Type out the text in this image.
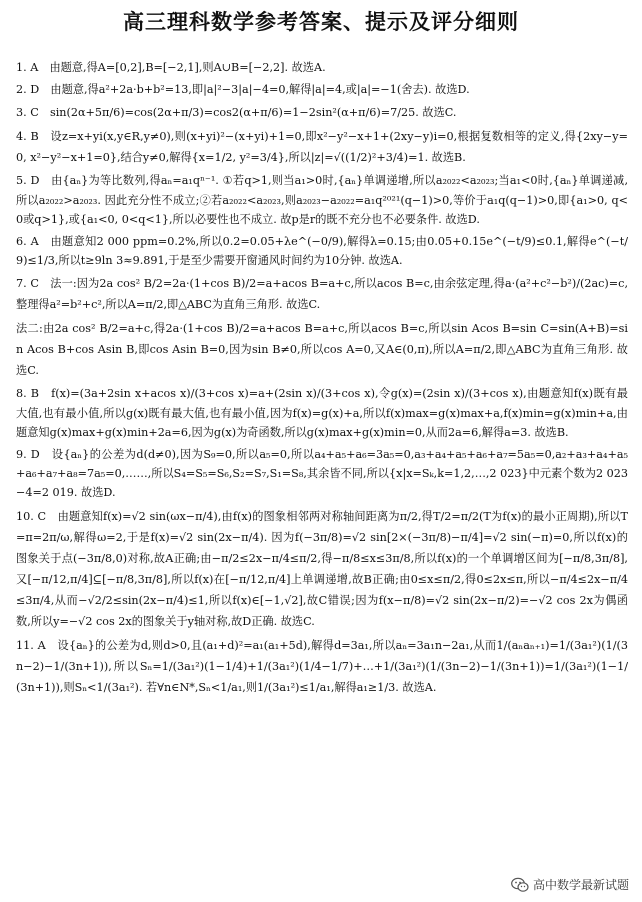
高三理科数学参考答案、提示及评分细则

1. A　由题意,得A=[0,2],B=[−2,1],则A∪B=[−2,2]. 故选A.

2. D　由题意,得a²+2a·b+b²=13,即|a|²−3|a|−4=0,解得|a|=4,或|a|=−1(舍去). 故选D.

3. C　sin(2α+5π/6)=cos(2α+π/3)=cos2(α+π/6)=1−2sin²(α+π/6)=7/25. 故选C.

4. B　设z=x+yi(x,y∈R,y≠0),则(x+yi)²−(x+yi)+1=0,即x²−y²−x+1+(2xy−y)i=0,根据复数相等的定义,得{2xy−y=0, x²−y²−x+1=0},结合y≠0,解得{x=1/2, y²=3/4},所以|z|=√((1/2)²+3/4)=1. 故选B.

5. D　由{aₙ}为等比数列,得aₙ=a₁qⁿ⁻¹. ①若q>1,则当a₁>0时,{aₙ}单调递增,所以a₂₀₂₂<a₂₀₂₃;当a₁<0时,{aₙ}单调递减,所以a₂₀₂₂>a₂₀₂₃. 因此充分性不成立;②若a₂₀₂₂<a₂₀₂₃,则a₂₀₂₃−a₂₀₂₂=a₁q²⁰²¹(q−1)>0,等价于a₁q(q−1)>0,即{a₁>0, q<0或q>1},或{a₁<0, 0<q<1},所以必要性也不成立. 故p是r的既不充分也不必要条件. 故选D.

6. A　由题意知2 000 ppm=0.2%,所以0.2=0.05+λe^(−0/9),解得λ=0.15;由0.05+0.15e^(−t/9)≤0.1,解得e^(−t/9)≤1/3,所以t≥9ln 3≈9.891,于是至少需要开窗通风时间约为10分钟. 故选A.

7. C　法一:因为2a cos² B/2=2a·(1+cos B)/2=a+acos B=a+c,所以acos B=c,由余弦定理,得a·(a²+c²−b²)/(2ac)=c,整理得a²=b²+c²,所以A=π/2,即△ABC为直角三角形. 故选C.

法二:由2a cos² B/2=a+c,得2a·(1+cos B)/2=a+acos B=a+c,所以acos B=c,所以sin Acos B=sin C=sin(A+B)=sin Acos B+cos Asin B,即cos Asin B=0,因为sin B≠0,所以cos A=0,又A∈(0,π),所以A=π/2,即△ABC为直角三角形. 故选C.

8. B　f(x)=(3a+2sin x+acos x)/(3+cos x)=a+(2sin x)/(3+cos x),令g(x)=(2sin x)/(3+cos x),由题意知f(x)既有最大值,也有最小值,所以g(x)既有最大值,也有最小值,因为f(x)=g(x)+a,所以f(x)max=g(x)max+a,f(x)min=g(x)min+a,由题意知g(x)max+g(x)min+2a=6,因为g(x)为奇函数,所以g(x)max+g(x)min=0,从而2a=6,解得a=3. 故选B.

9. D　设{aₙ}的公差为d(d≠0),因为S₉=0,所以a₅=0,所以a₄+a₅+a₆=3a₅=0,a₃+a₄+a₅+a₆+a₇=5a₅=0,a₂+a₃+a₄+a₅+a₆+a₇+a₈=7a₅=0,……,所以S₄=S₅=S₆,S₂=S₇,S₁=S₈,其余皆不同,所以{x|x=Sₖ,k=1,2,…,2 023}中元素个数为2 023−4=2 019. 故选D.

10. C　由题意知f(x)=√2 sin(ωx−π/4),由f(x)的图象相邻两对称轴间距离为π/2,得T/2=π/2(T为f(x)的最小正周期),所以T=π=2π/ω,解得ω=2,于是f(x)=√2 sin(2x−π/4). 因为f(−3π/8)=√2 sin[2×(−3π/8)−π/4]=√2 sin(−π)=0,所以f(x)的图象关于点(−3π/8,0)对称,故A正确;由−π/2≤2x−π/4≤π/2,得−π/8≤x≤3π/8,所以f(x)的一个单调增区间为[−π/8,3π/8],又[−π/12,π/4]⊆[−π/8,3π/8],所以f(x)在[−π/12,π/4]上单调递增,故B正确;由0≤x≤π/2,得0≤2x≤π,所以−π/4≤2x−π/4≤3π/4,从而−√2/2≤sin(2x−π/4)≤1,所以f(x)∈[−1,√2],故C错误;因为f(x−π/8)=√2 sin(2x−π/2)=−√2 cos 2x为偶函数,所以y=−√2 cos 2x的图象关于y轴对称,故D正确. 故选C.

11. A　设{aₙ}的公差为d,则d>0,且(a₁+d)²=a₁(a₁+5d),解得d=3a₁,所以aₙ=3a₁n−2a₁,从而1/(aₙaₙ₊₁)=1/(3a₁²)(1/(3n−2)−1/(3n+1)),所以Sₙ=1/(3a₁²)(1−1/4)+1/(3a₁²)(1/4−1/7)+…+1/(3a₁²)(1/(3n−2)−1/(3n+1))=1/(3a₁²)(1−1/(3n+1)),则Sₙ<1/(3a₁²). 若∀n∈N*,Sₙ<1/a₁,则1/(3a₁²)≤1/a₁,解得a₁≥1/3. 故选A.

高中数学最新试题
